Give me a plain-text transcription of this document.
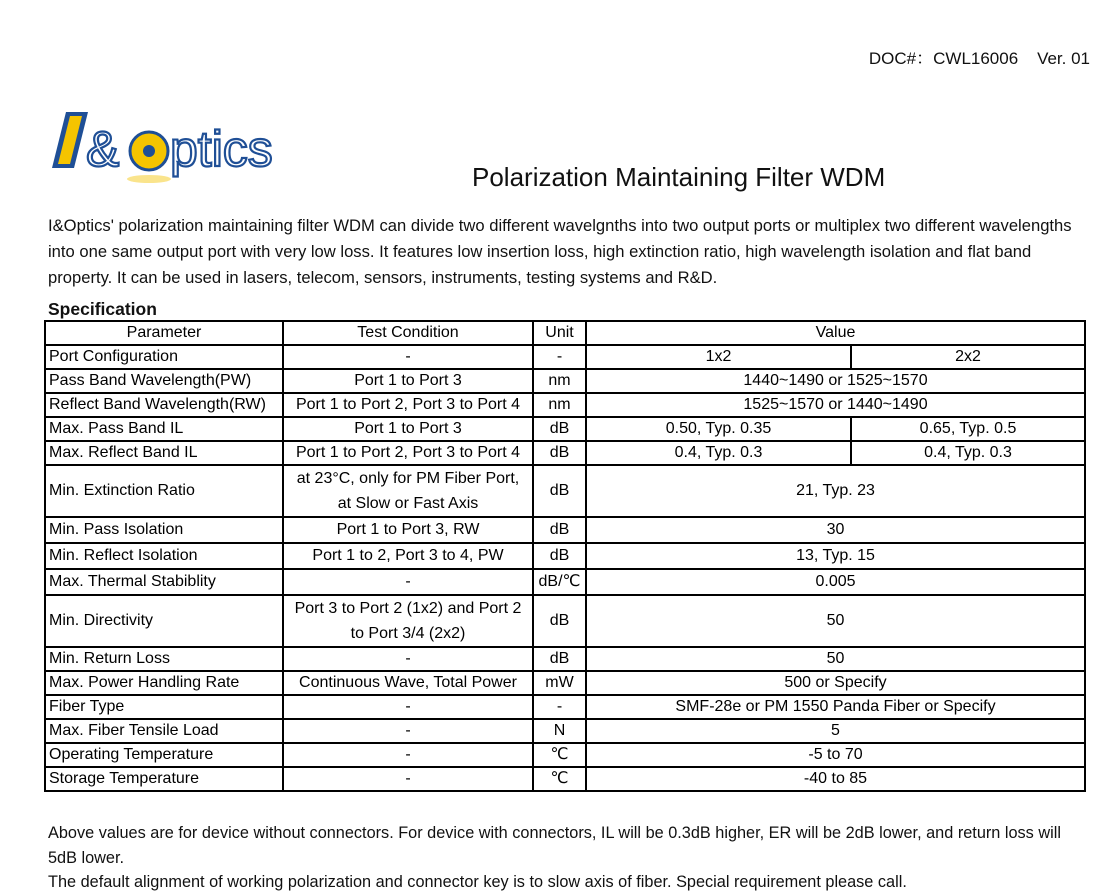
DOC#：CWL16006    Ver. 01
& ptics	Polarization Maintaining Filter WDM
I&Optics' polarization maintaining filter WDM can divide two different wavelgnths into two output ports or multiplex two different wavelengths into one same output port with very low loss. It features low insertion loss, high extinction ratio, high wavelength isolation and flat band property. It can be used in lasers, telecom, sensors, instruments, testing systems and R&D.
Specification
Parameter	Test Condition	Unit	Value	
Port Configuration	-	-	1x2	2x2
Pass Band Wavelength(PW)	Port 1 to Port 3	nm	1440~1490 or 1525~1570	
Reflect Band Wavelength(RW)	Port 1 to Port 2, Port 3 to Port 4	nm	1525~1570 or 1440~1490	
Max. Pass Band IL	Port 1 to Port 3	dB	0.50, Typ. 0.35	0.65, Typ. 0.5
Max. Reflect Band IL	Port 1 to Port 2, Port 3 to Port 4	dB	0.4, Typ. 0.3	0.4, Typ. 0.3
Min. Extinction Ratio	at 23°C, only for PM Fiber Port, at Slow or Fast Axis	dB	21, Typ. 23	
Min. Pass Isolation	Port 1 to Port 3, RW	dB	30	
Min. Reflect Isolation	Port 1 to 2, Port 3 to 4, PW	dB	13, Typ. 15	
Max. Thermal Stabiblity	-	dB/℃	0.005	
Min. Directivity	Port 3 to Port 2 (1x2) and Port 2 to Port 3/4 (2x2)	dB	50	
Min. Return Loss	-	dB	50	
Max. Power Handling Rate	Continuous Wave, Total Power	mW	500 or Specify	
Fiber Type	-	-	SMF-28e or PM 1550 Panda Fiber or Specify	
Max. Fiber Tensile Load	-	N	5	
Operating Temperature	-	℃	-5 to 70	
Storage Temperature	-	℃	-40 to 85	

Above values are for device without connectors. For device with connectors, IL will be 0.3dB higher, ER will be 2dB lower, and return loss will 5dB lower.

The default alignment of working polarization and connector key is to slow axis of fiber. Special requirement please call.
